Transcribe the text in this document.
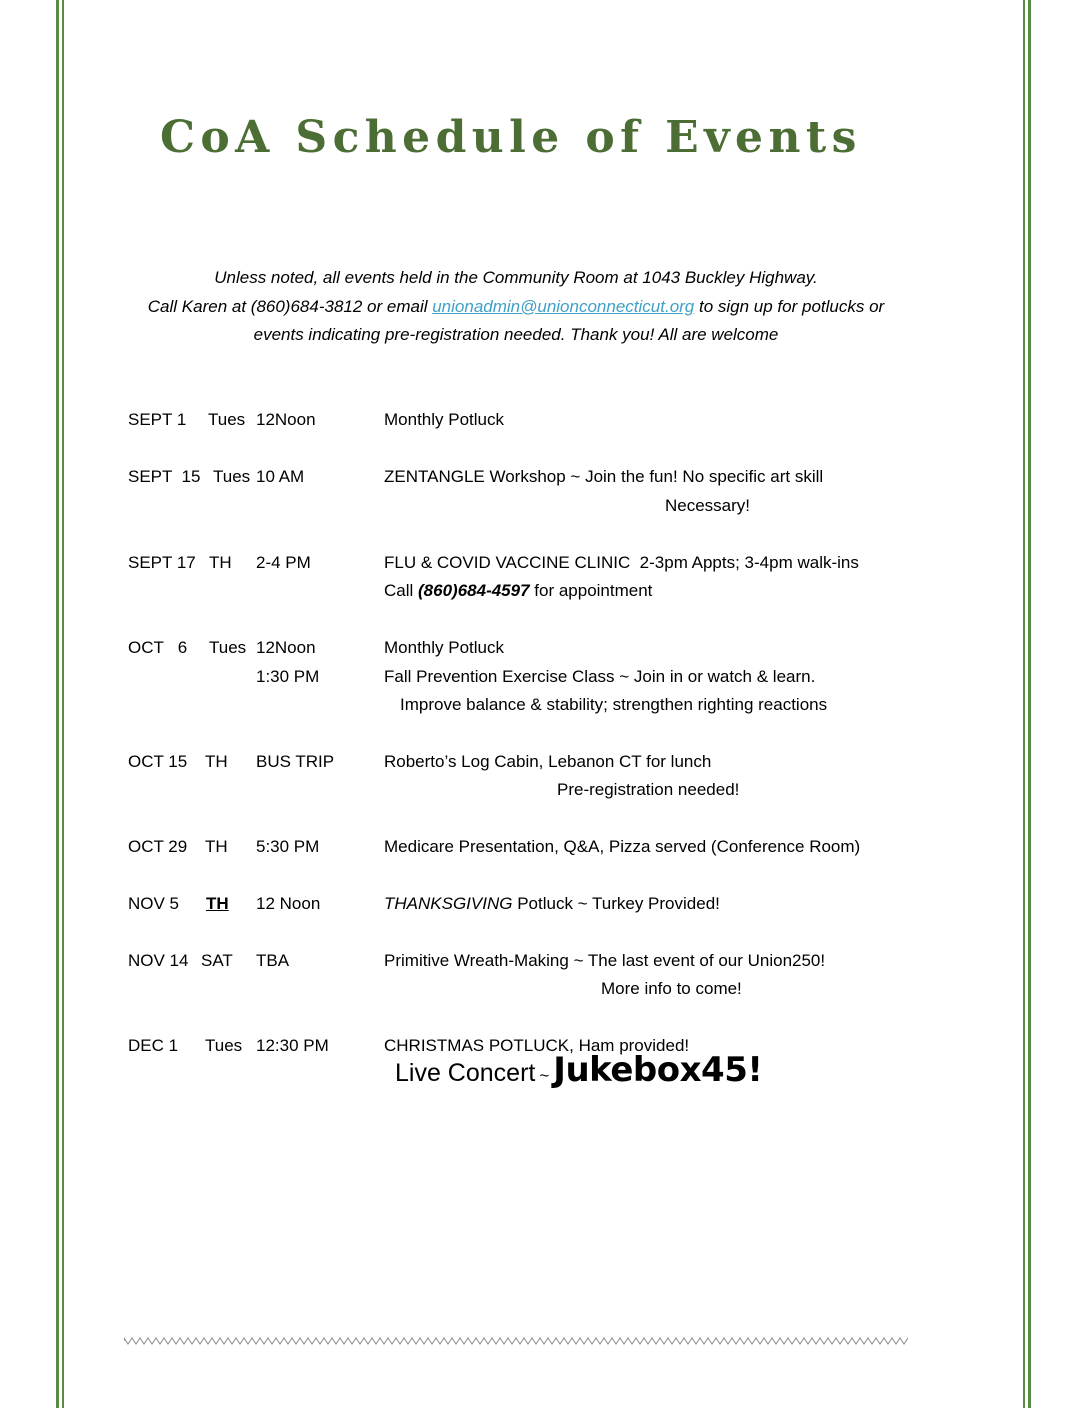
CoA Schedule of Events
Unless noted, all events held in the Community Room at 1043 Buckley Highway.
Call Karen at (860)684-3812 or email unionadmin@unionconnecticut.org to sign up for potlucks or
events indicating pre-registration needed. Thank you! All are welcome
SEPT 1 Tues 12Noon	Monthly Potluck
SEPT  15 Tues 10 AM	ZENTANGLE Workshop ~ Join the fun! No specific art skill
Necessary!
SEPT 17 TH 2-4 PM	FLU & COVID VACCINE CLINIC  2-3pm Appts; 3-4pm walk-ins
Call (860)684-4597 for appointment
OCT   6 Tues 12Noon	Monthly Potluck
1:30 PM	Fall Prevention Exercise Class ~ Join in or watch & learn.
Improve balance & stability; strengthen righting reactions
OCT 15 TH BUS TRIP	Roberto’s Log Cabin, Lebanon CT for lunch
Pre-registration needed!
OCT 29 TH 5:30 PM	Medicare Presentation, Q&A, Pizza served (Conference Room)
NOV 5 TH 12 Noon	THANKSGIVING Potluck ~ Turkey Provided!
NOV 14 SAT TBA	Primitive Wreath-Making ~ The last event of our Union250!
More info to come!
DEC 1 Tues 12:30 PM	CHRISTMAS POTLUCK, Ham provided!
Live Concert ~ Jukebox45!
